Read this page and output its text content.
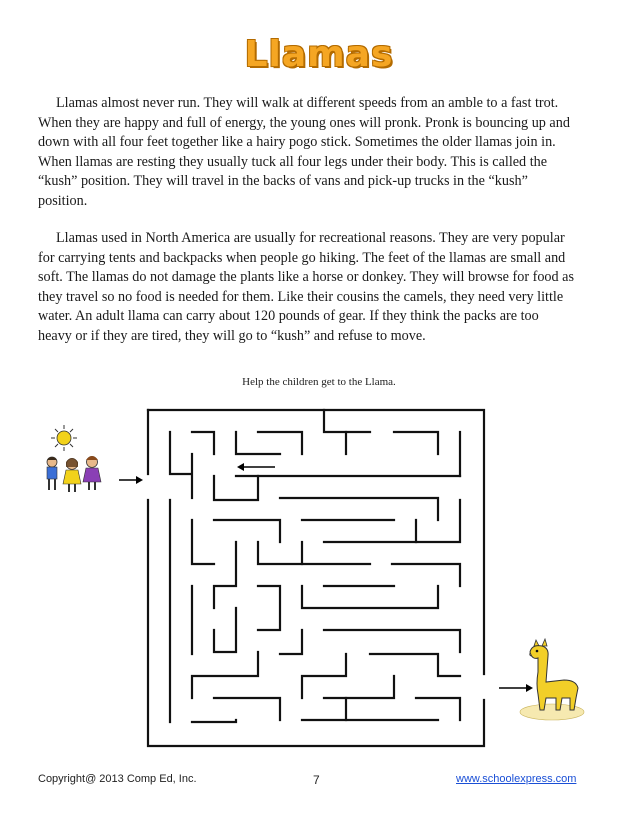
Llamas

Llamas almost never run. They will walk at different speeds from an amble to a fast trot.
When they are happy and full of energy, the young ones will pronk. Pronk is bouncing up and
down with all four feet together like a hairy pogo stick. Sometimes the older llamas join in.
When llamas are resting they usually tuck all four legs under their body. This is called the
“kush” position. They will travel in the backs of vans and pick-up trucks in the “kush”
position.

Llamas used in North America are usually for recreational reasons. They are very popular
for carrying tents and backpacks when people go hiking. The feet of the llamas are small and
soft. The llamas do not damage the plants like a horse or donkey. They will browse for food as
they travel so no food is needed for them. Like their cousins the camels, they need very little
water. An adult llama can carry about 120 pounds of gear. If they think the packs are too
heavy or if they are tired, they will go to “kush” and refuse to move.

Help the children get to the Llama.
Copyright@ 2013 Comp Ed, Inc.	7	www.schoolexpress.com
